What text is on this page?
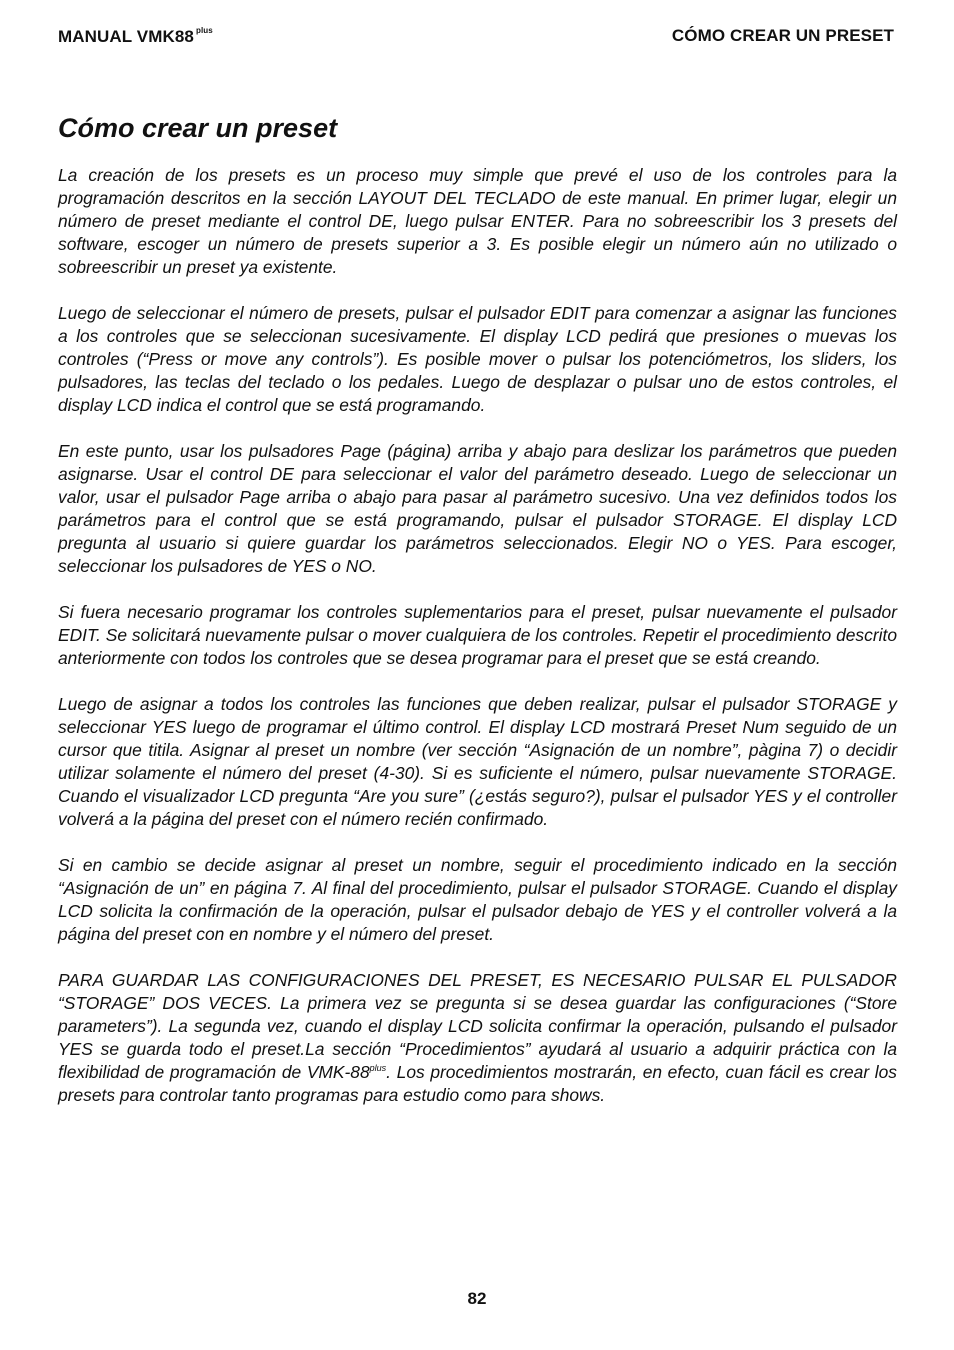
MANUAL VMK88 $^{plus}$	CÓMO CREAR UN PRESET
Cómo crear un preset

La creación de los presets es un proceso muy simple que prevé el uso de los controles para la programación descritos en la sección LAYOUT DEL TECLADO de este manual. En primer lugar, elegir un número de preset mediante el control DE, luego pulsar ENTER. Para no sobreescribir los 3 presets del software, escoger un número de presets superior a 3. Es posible elegir un número aún no utilizado o sobreescribir un preset ya existente.

Luego de seleccionar el número de presets, pulsar el pulsador EDIT para comenzar a asignar las funciones a los controles que se seleccionan sucesivamente. El display LCD pedirá que presiones o muevas los controles (“Press or move any controls”). Es posible mover o pulsar los potenciómetros, los sliders, los pulsadores, las teclas del teclado o los pedales. Luego de desplazar o pulsar uno de estos controles, el display LCD indica el control que se está programando.

En este punto, usar los pulsadores Page (página) arriba y abajo para deslizar los parámetros que pueden asignarse. Usar el control DE para seleccionar el valor del parámetro deseado. Luego de seleccionar un valor, usar el pulsador Page arriba o abajo para pasar al parámetro sucesivo. Una vez definidos todos los parámetros para el control que se está programando, pulsar el pulsador STORAGE. El display LCD pregunta al usuario si quiere guardar los parámetros seleccionados. Elegir NO o YES. Para escoger, seleccionar los pulsadores de YES o NO.

Si fuera necesario programar los controles suplementarios para el preset, pulsar nuevamente el pulsador EDIT. Se solicitará nuevamente pulsar o mover cualquiera de los controles. Repetir el procedimiento descrito anteriormente con todos los controles que se desea programar para el preset que se está creando.

Luego de asignar a todos los controles las funciones que deben realizar, pulsar el pulsador STORAGE y seleccionar YES luego de programar el último control. El display LCD mostrará Preset Num seguido de un cursor que titila. Asignar al preset un nombre (ver sección “Asignación de un nombre”, pàgina 7) o decidir utilizar solamente el número del preset (4-30). Si es suficiente el número, pulsar nuevamente STORAGE. Cuando el visualizador LCD pregunta “Are you sure” (¿estás seguro?), pulsar el pulsador YES y el controller volverá a la página del preset con el número recién confirmado.

Si en cambio se decide asignar al preset un nombre, seguir el procedimiento indicado en la sección “Asignación de un” en página 7. Al final del procedimiento, pulsar el pulsador STORAGE. Cuando el display LCD solicita la confirmación de la operación, pulsar el pulsador debajo de YES y el controller volverá a la página del preset con en nombre y el número del preset.

PARA GUARDAR LAS CONFIGURACIONES DEL PRESET, ES NECESARIO PULSAR EL PULSADOR “STORAGE” DOS VECES. La primera vez se pregunta si se desea guardar las configuraciones (“Store parameters”). La segunda vez, cuando el display LCD solicita confirmar la operación, pulsando el pulsador YES se guarda todo el preset.La sección “Procedimientos” ayudará al usuario a adquirir práctica con la flexibilidad de programación de VMK-$88^{plus}$. Los procedimientos mostrarán, en efecto, cuan fácil es crear los presets para controlar tanto programas para estudio como para shows.

82
